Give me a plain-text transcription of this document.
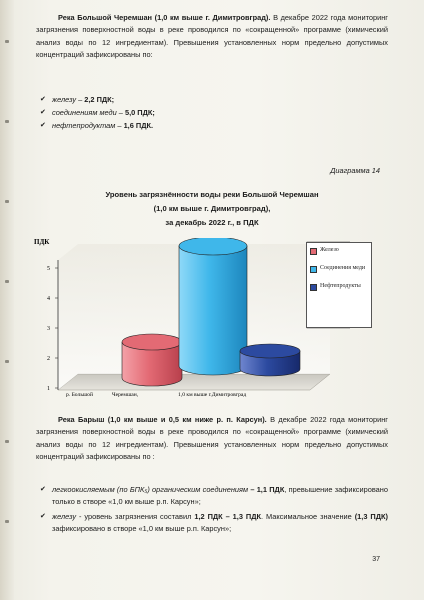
Река Большой Черемшан (1,0 км выше г. Димитровград). В декабре 2022 года мониторинг загрязнения поверхностной воды в реке проводился по «сокращенной» программе (химический анализ воды по 12 ингредиентам). Превышения установленных норм предельно допустимых концентраций зафиксированы по:
✔ железу – 2,2 ПДК;
✔ соединениям меди – 5,0 ПДК;
✔ нефтепродуктам – 1,6 ПДК.
Диаграмма 14
Уровень загрязнённости воды реки Большой Черемшан
(1,0 км выше г. Димитровград),
за декабрь 2022 г., в ПДК
ПДК
1
2
3
4
5
р. Большой	Черемшан,	1,0 км выше г.Димитровград
Железо
Соединения меди
Нефтепродукты
Река Барыш (1,0 км выше и 0,5 км ниже р. п. Карсун). В декабре 2022 года мониторинг загрязнения поверхностной воды в реке проводился по «сокращенной» программе (химический анализ воды по 12 ингредиентам). Превышения установленных норм предельно допустимых концентраций зафиксированы по :
✔ легкоокисляемым (по БПК₅) органическим соединениям – 1,1 ПДК, превышение зафиксировано только в створе «1,0 км выше р.п. Карсун»;
✔ железу - уровень загрязнения составил 1,2 ПДК – 1,3 ПДК. Максимальное значение (1,3 ПДК) зафиксировано в створе «1,0 км выше р.п. Карсун»;
37
